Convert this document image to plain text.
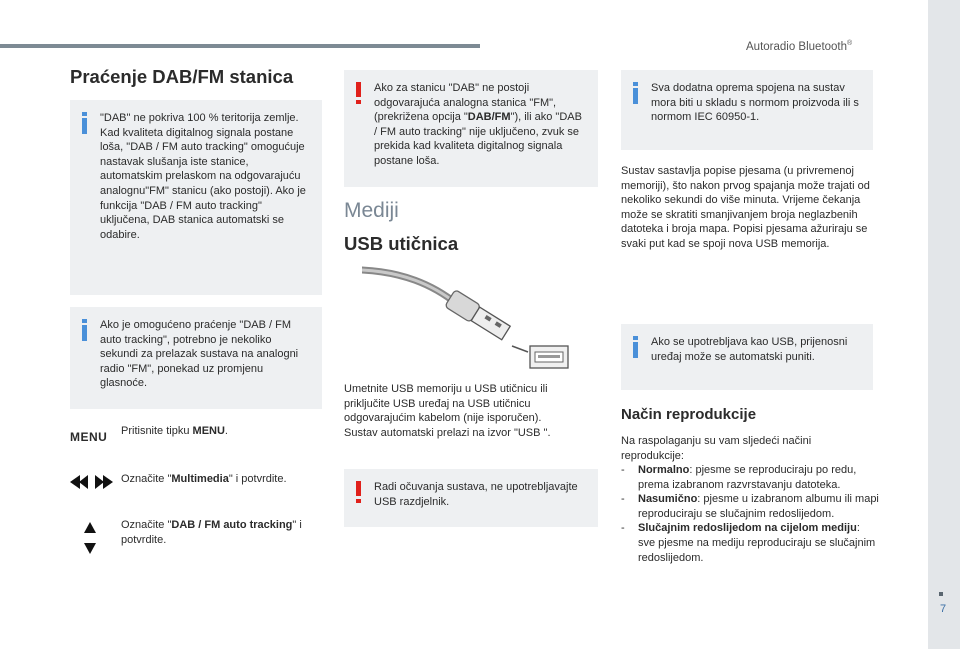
Autoradio Bluetooth®
7
Praćenje DAB/FM stanica

"DAB" ne pokriva 100 % teritorija zemlje. Kad kvaliteta digitalnog signala postane loša, "DAB / FM auto tracking" omogućuje nastavak slušanja iste stanice, automatskim prelaskom na odgovarajuću analognu"FM" stanicu (ako postoji). Ako je funkcija "DAB / FM auto tracking" uključena, DAB stanica automatski se odabire.

Ako je omogućeno praćenje "DAB / FM auto tracking", potrebno je nekoliko sekundi za prelazak sustava na analogni radio "FM", ponekad uz promjenu glasnoće.

MENU Pritisnite tipku MENU.
Označite "Multimedia" i potvrdite.
Označite "DAB / FM auto tracking" i potvrdite.

Ako za stanicu "DAB" ne postoji odgovarajuća analogna stanica "FM", (prekrižena opcija "DAB/FM"), ili ako "DAB / FM auto tracking" nije uključeno, zvuk se prekida kad kvaliteta digitalnog signala postane loša.

Mediji
USB utičnica
Umetnite USB memoriju u USB utičnicu ili priključite USB uređaj na USB utičnicu odgovarajućim kabelom (nije isporučen). Sustav automatski prelazi na izvor "USB ".

Radi očuvanja sustava, ne upotrebljavajte USB razdjelnik.

Sva dodatna oprema spojena na sustav mora biti u skladu s normom proizvoda ili s normom IEC 60950-1.

Sustav sastavlja popise pjesama (u privremenoj memoriji), što nakon prvog spajanja može trajati od nekoliko sekundi do više minuta. Vrijeme čekanja može se skratiti smanjivanjem broja neglazbenih datoteka i broja mapa. Popisi pjesama ažuriraju se svaki put kad se spoji nova USB memorija.

Ako se upotrebljava kao USB, prijenosni uređaj može se automatski puniti.

Način reprodukcije
Na raspolaganju su vam sljedeći načini reprodukcije:
- Normalno: pjesme se reproduciraju po redu, prema izabranom razvrstavanju datoteka.
- Nasumično: pjesme u izabranom albumu ili mapi reproduciraju se slučajnim redoslijedom.
- Slučajnim redoslijedom na cijelom mediju: sve pjesme na mediju reproduciraju se slučajnim redoslijedom.
